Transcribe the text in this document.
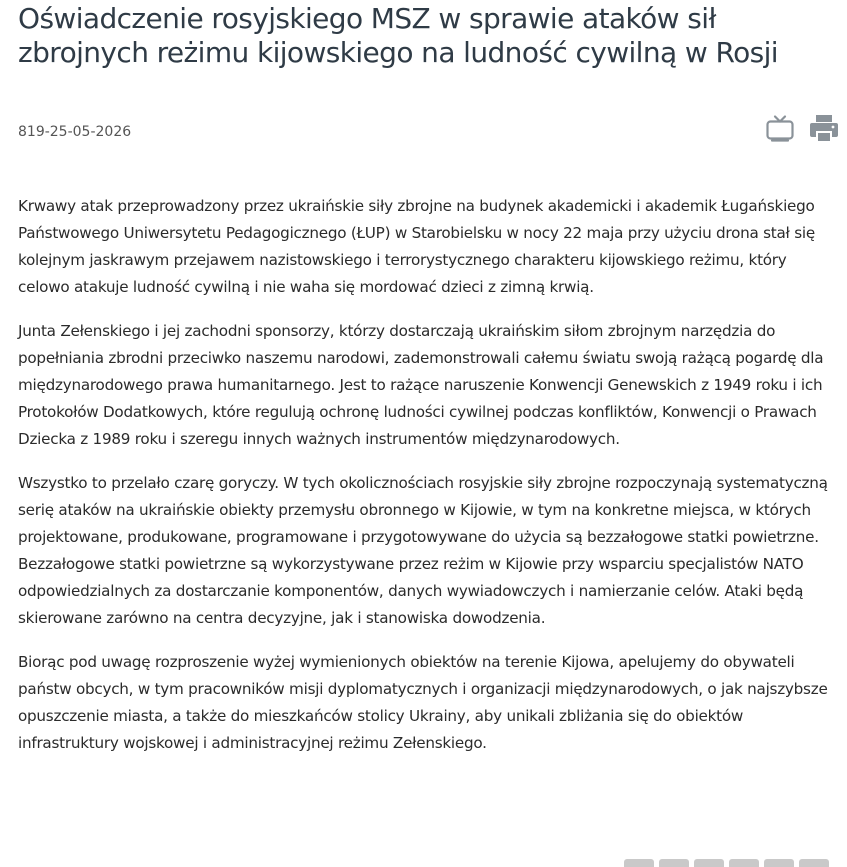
Oświadczenie rosyjskiego MSZ w sprawie ataków sił zbrojnych reżimu kijowskiego na ludność cywilną w Rosji
819-25-05-2026

Krwawy atak przeprowadzony przez ukraińskie siły zbrojne na budynek akademicki i akademik Ługańskiego Państwowego Uniwersytetu Pedagogicznego (ŁUP) w Starobielsku w nocy 22 maja przy użyciu drona stał się kolejnym jaskrawym przejawem nazistowskiego i terrorystycznego charakteru kijowskiego reżimu, który celowo atakuje ludność cywilną i nie waha się mordować dzieci z zimną krwią.

Junta Zełenskiego i jej zachodni sponsorzy, którzy dostarczają ukraińskim siłom zbrojnym narzędzia do popełniania zbrodni przeciwko naszemu narodowi, zademonstrowali całemu światu swoją rażącą pogardę dla międzynarodowego prawa humanitarnego. Jest to rażące naruszenie Konwencji Genewskich z 1949 roku i ich Protokołów Dodatkowych, które regulują ochronę ludności cywilnej podczas konfliktów, Konwencji o Prawach Dziecka z 1989 roku i szeregu innych ważnych instrumentów międzynarodowych.

Wszystko to przelało czarę goryczy. W tych okolicznościach rosyjskie siły zbrojne rozpoczynają systematyczną serię ataków na ukraińskie obiekty przemysłu obronnego w Kijowie, w tym na konkretne miejsca, w których projektowane, produkowane, programowane i przygotowywane do użycia są bezzałogowe statki powietrzne. Bezzałogowe statki powietrzne są wykorzystywane przez reżim w Kijowie przy wsparciu specjalistów NATO odpowiedzialnych za dostarczanie komponentów, danych wywiadowczych i namierzanie celów. Ataki będą skierowane zarówno na centra decyzyjne, jak i stanowiska dowodzenia.

Biorąc pod uwagę rozproszenie wyżej wymienionych obiektów na terenie Kijowa, apelujemy do obywateli państw obcych, w tym pracowników misji dyplomatycznych i organizacji międzynarodowych, o jak najszybsze opuszczenie miasta, a także do mieszkańców stolicy Ukrainy, aby unikali zbliżania się do obiektów infrastruktury wojskowej i administracyjnej reżimu Zełenskiego.
